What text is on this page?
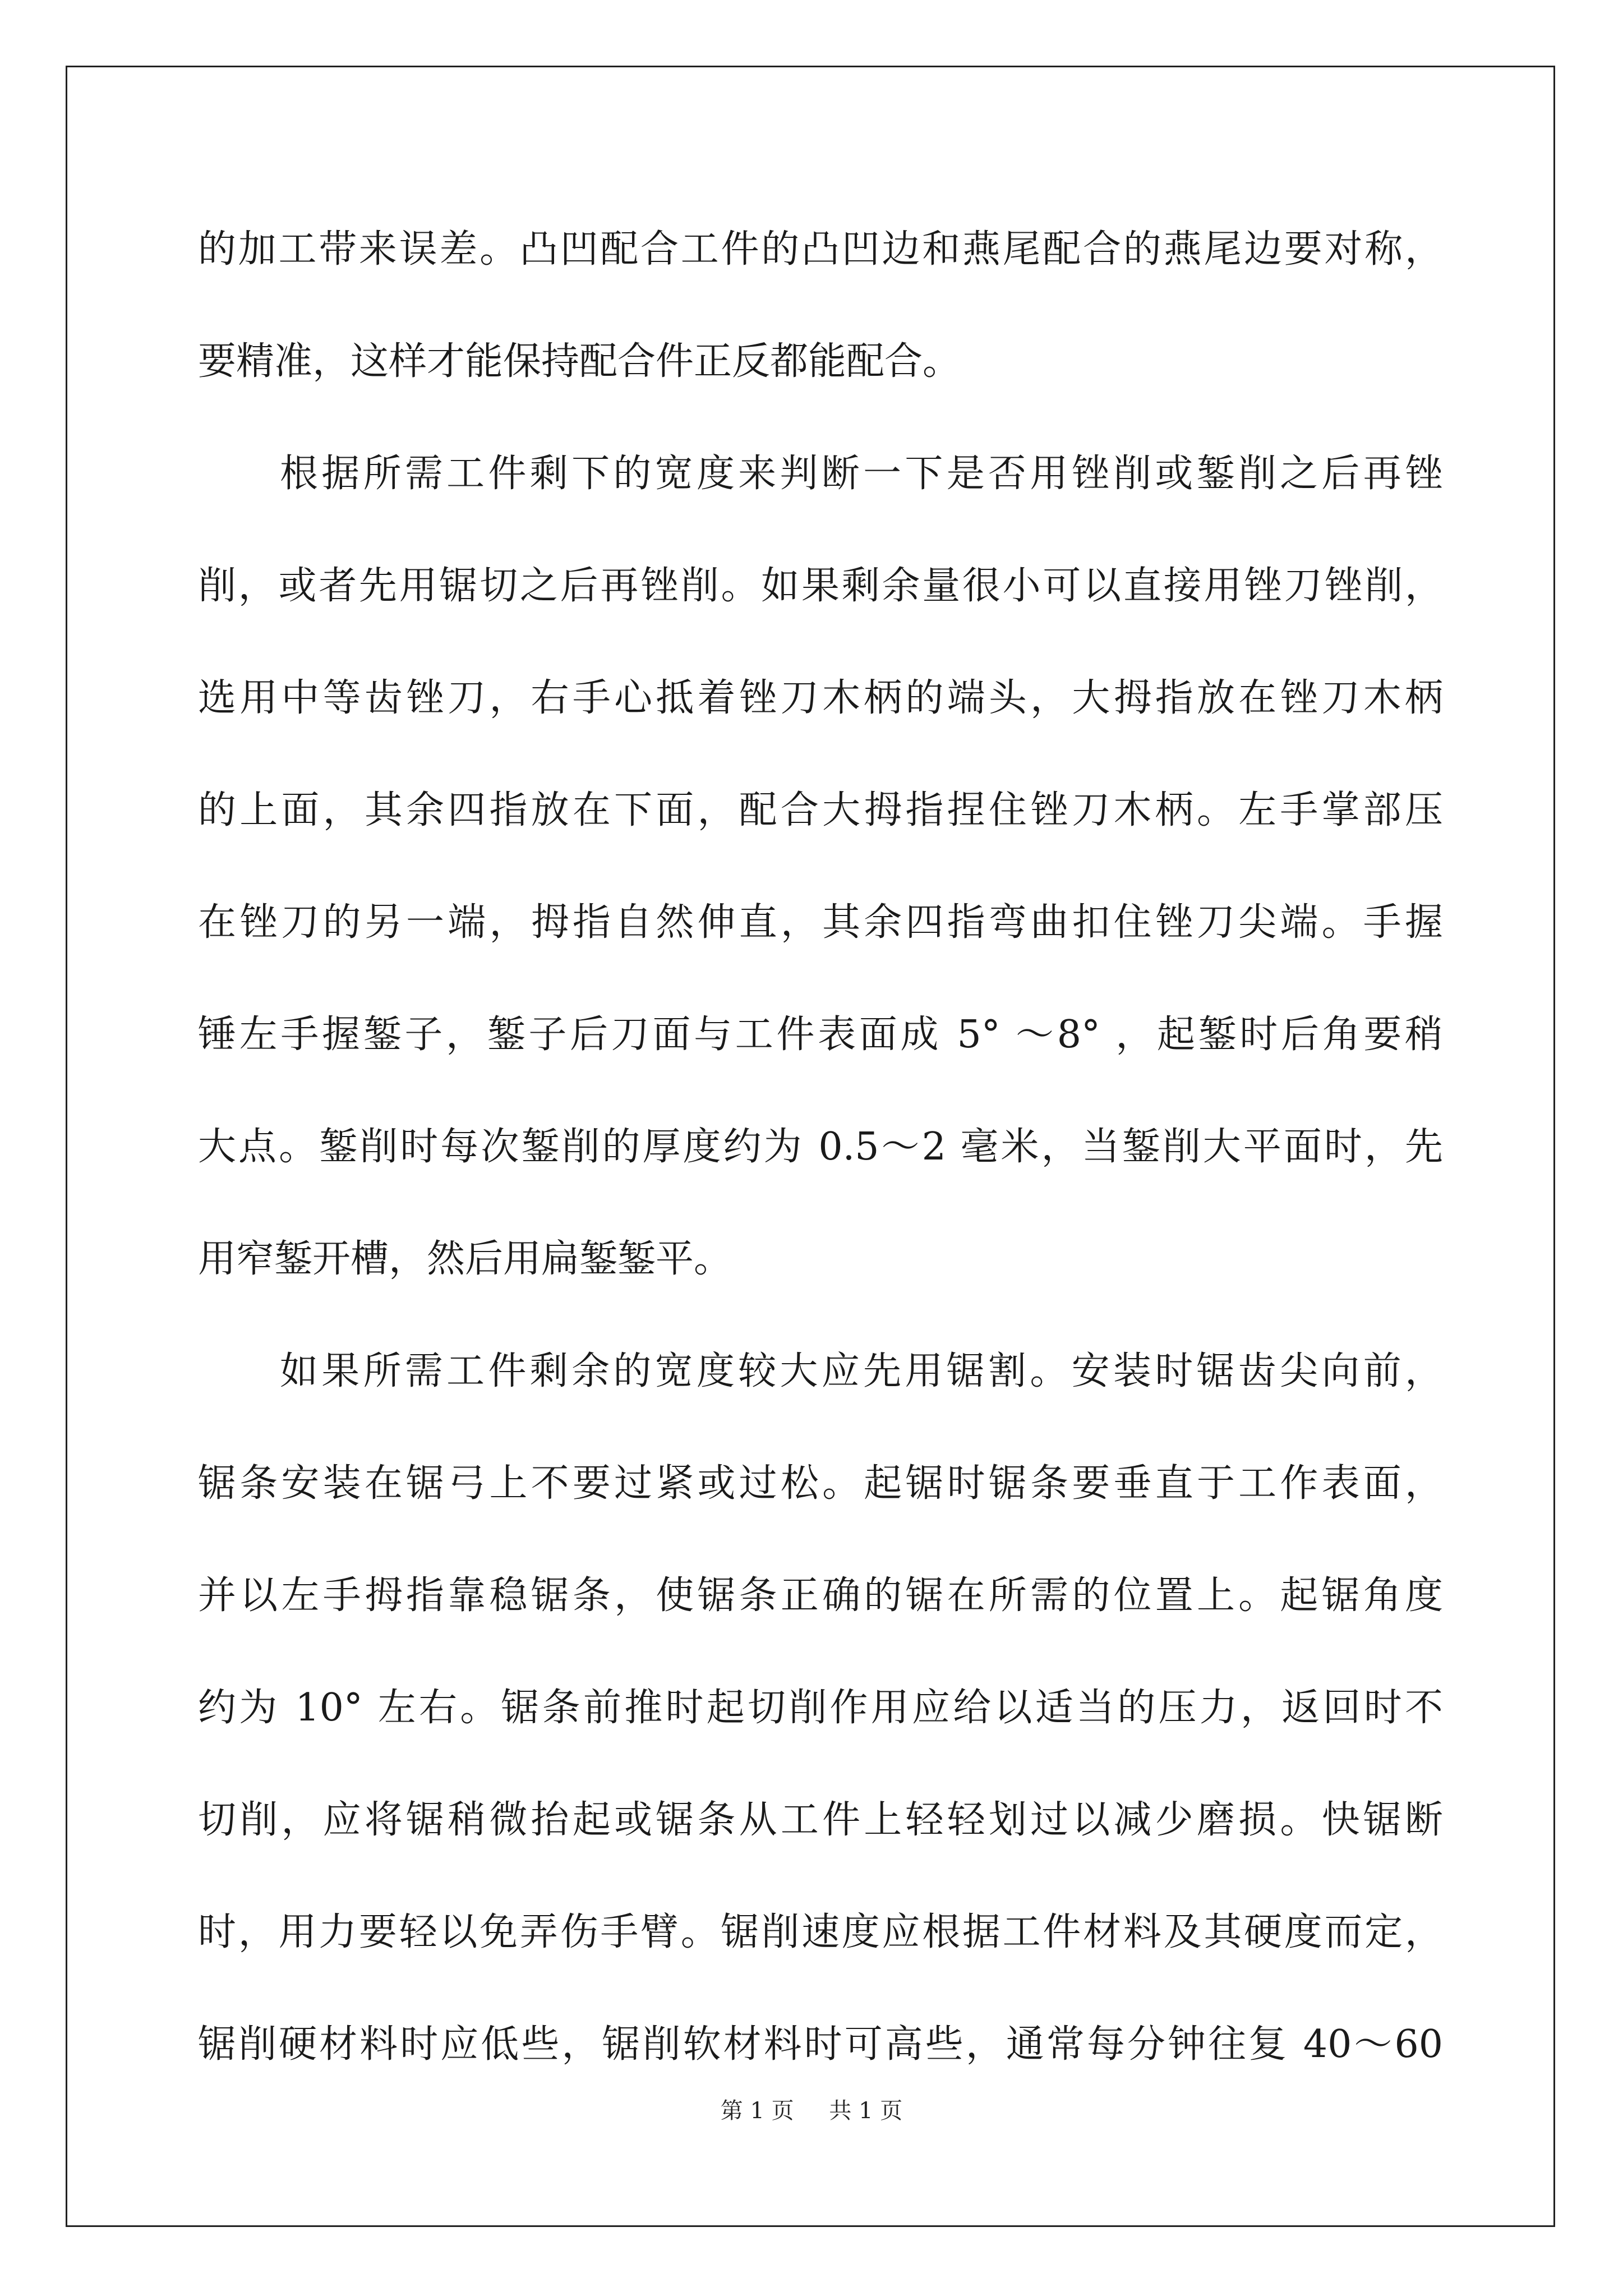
的加工带来误差。凸凹配合工件的凸凹边和燕尾配合的燕尾边要对称，
要精准，这样才能保持配合件正反都能配合。
根据所需工件剩下的宽度来判断一下是否用锉削或錾削之后再锉
削，或者先用锯切之后再锉削。如果剩余量很小可以直接用锉刀锉削，
选用中等齿锉刀，右手心抵着锉刀木柄的端头，大拇指放在锉刀木柄
的上面，其余四指放在下面，配合大拇指捏住锉刀木柄。左手掌部压
在锉刀的另一端，拇指自然伸直，其余四指弯曲扣住锉刀尖端。手握
锤左手握錾子，錾子后刀面与工件表面成 5° ～8° ，起錾时后角要稍
大点。錾削时每次錾削的厚度约为 0.5～2 毫米，当錾削大平面时，先
用窄錾开槽，然后用扁錾錾平。
如果所需工件剩余的宽度较大应先用锯割。安装时锯齿尖向前，
锯条安装在锯弓上不要过紧或过松。起锯时锯条要垂直于工作表面，
并以左手拇指靠稳锯条，使锯条正确的锯在所需的位置上。起锯角度
约为 10° 左右。锯条前推时起切削作用应给以适当的压力，返回时不
切削，应将锯稍微抬起或锯条从工件上轻轻划过以减少磨损。快锯断
时，用力要轻以免弄伤手臂。锯削速度应根据工件材料及其硬度而定，
锯削硬材料时应低些，锯削软材料时可高些，通常每分钟往复 40～60
第 1 页 共 1 页
